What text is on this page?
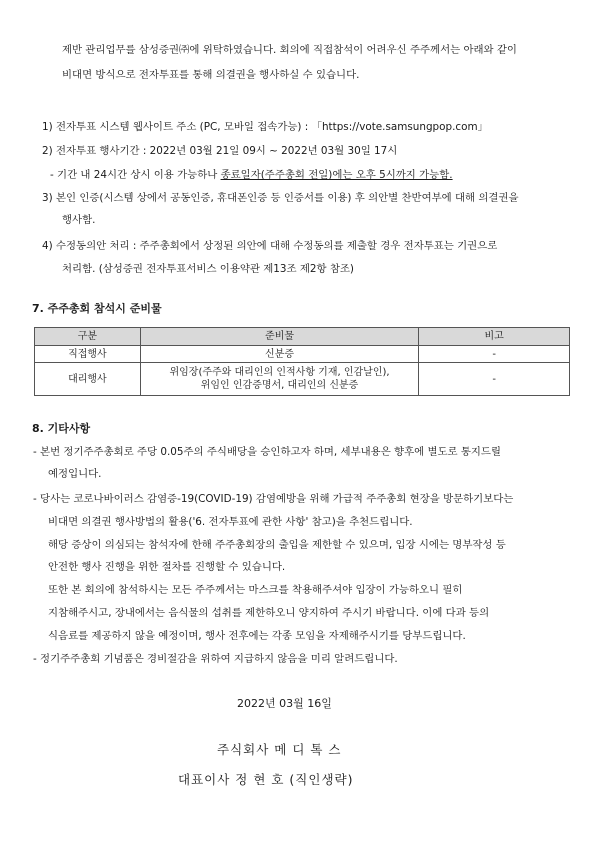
제반 관리업무를 삼성증권㈜에 위탁하였습니다. 회의에 직접참석이 어려우신 주주께서는 아래와 같이
비대면 방식으로 전자투표를 통해 의결권을 행사하실 수 있습니다.
1) 전자투표 시스템 웹사이트 주소 (PC, 모바일 접속가능) : 「https://vote.samsungpop.com」
2) 전자투표 행사기간 : 2022년 03월 21일 09시 ~ 2022년 03월 30일 17시
- 기간 내 24시간 상시 이용 가능하나 종료일자(주주총회 전일)에는 오후 5시까지 가능함.
3) 본인 인증(시스템 상에서 공동인증, 휴대폰인증 등 인증서를 이용) 후 의안별 찬반여부에 대해 의결권을
행사함.
4) 수정동의안 처리 : 주주총회에서 상정된 의안에 대해 수정동의를 제출할 경우 전자투표는 기권으로
처리함. (삼성증권 전자투표서비스 이용약관 제13조 제2항 참조)
7. 주주총회 참석시 준비물
구분	준비물	비고
직접행사	신분증	-
대리행사	위임장(주주와 대리인의 인적사항 기재, 인감날인),
위임인 인감증명서, 대리인의 신분증	-
8. 기타사항
- 본번 정기주주총회로 주당 0.05주의 주식배당을 승인하고자 하며, 세부내용은 향후에 별도로 통지드릴
예정입니다.
- 당사는 코로나바이러스 감염증-19(COVID-19) 감염예방을 위해 가급적 주주총회 현장을 방문하기보다는
비대면 의결권 행사방법의 활용('6. 전자투표에 관한 사항' 참고)을 추천드립니다.
해당 증상이 의심되는 참석자에 한해 주주총회장의 출입을 제한할 수 있으며, 입장 시에는 명부작성 등
안전한 행사 진행을 위한 절차를 진행할 수 있습니다.
또한 본 회의에 참석하시는 모든 주주께서는 마스크를 착용해주셔야 입장이 가능하오니 필히
지참해주시고, 장내에서는 음식물의 섭취를 제한하오니 양지하여 주시기 바랍니다. 이에 다과 등의
식음료를 제공하지 않을 예정이며, 행사 전후에는 각종 모임을 자제해주시기를 당부드립니다.
- 정기주주총회 기념품은 경비절감을 위하여 지급하지 않음을 미리 알려드립니다.
2022년 03월 16일
주식회사 메 디 톡 스
대표이사 정 현 호 (직인생략)
